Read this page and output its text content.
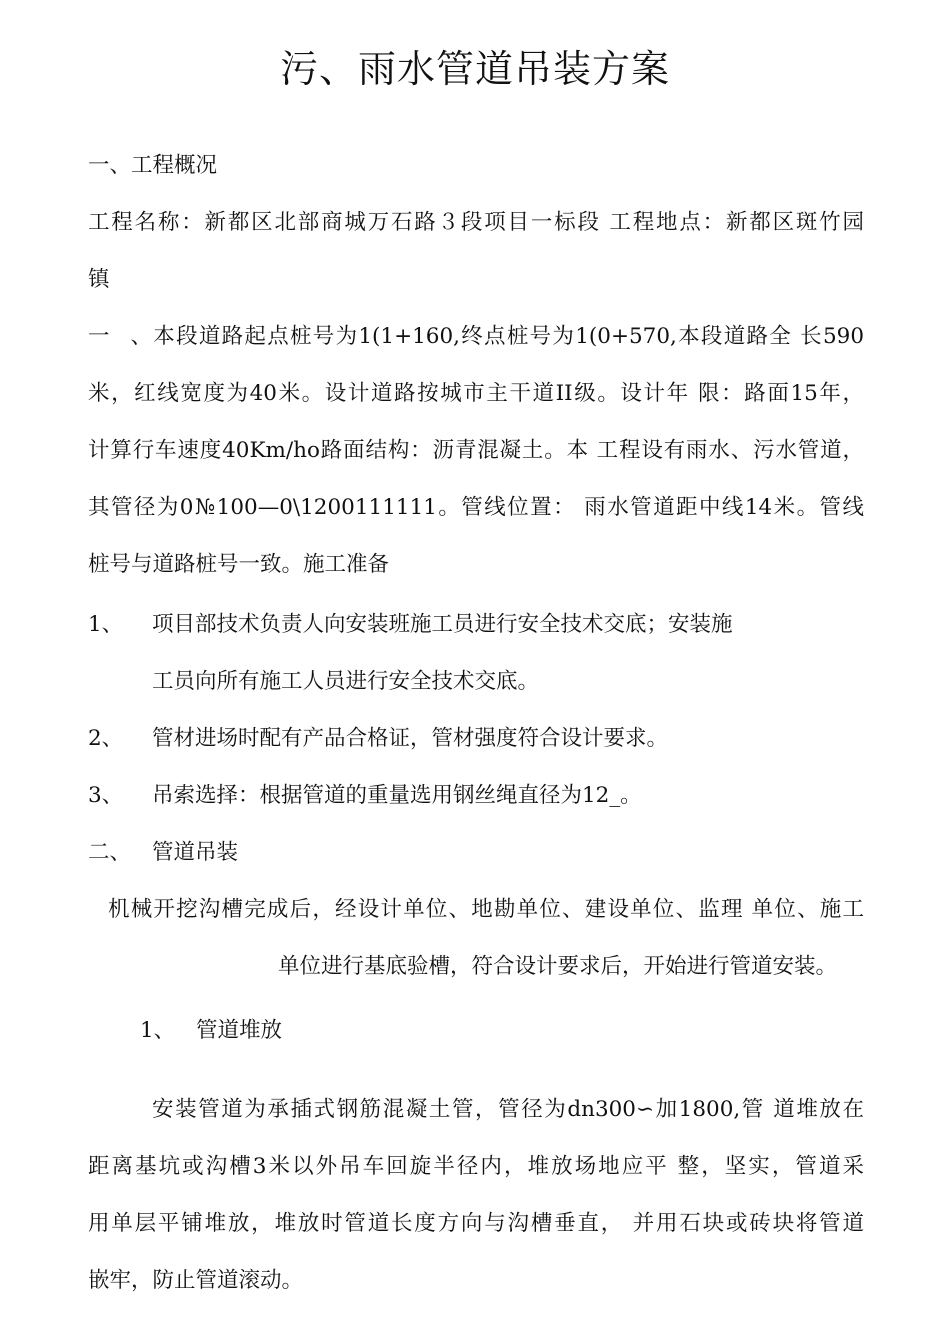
污、雨水管道吊装方案
一、工程概况
工程名称：新都区北部商城万石路３段项目一标段 工程地点：新都区斑竹园
镇
一、本段道路起点桩号为1(1+160,终点桩号为1(0+570,本段道路全 长590
米，红线宽度为40米。设计道路按城市主干道II级。设计年 限：路面15年，
计算行车速度40Km/ho路面结构：沥青混凝土。本 工程设有雨水、污水管道，
其管径为0№100—0\1200111111。管线位置： 雨水管道距中线14米。管线
桩号与道路桩号一致。施工准备
1、 项目部技术负责人向安装班施工员进行安全技术交底；安装施
工员向所有施工人员进行安全技术交底。
2、 管材进场时配有产品合格证，管材强度符合设计要求。
3、 吊索选择：根据管道的重量选用钢丝绳直径为12_。
二、 管道吊装
机械开挖沟槽完成后，经设计单位、地勘单位、建设单位、监理 单位、施工
单位进行基底验槽，符合设计要求后，开始进行管道安装。
1、 管道堆放
安装管道为承插式钢筋混凝土管，管径为dn300∽加1800,管 道堆放在
距离基坑或沟槽3米以外吊车回旋半径内，堆放场地应平 整，坚实，管道采
用单层平铺堆放，堆放时管道长度方向与沟槽垂直， 并用石块或砖块将管道
嵌牢，防止管道滚动。
